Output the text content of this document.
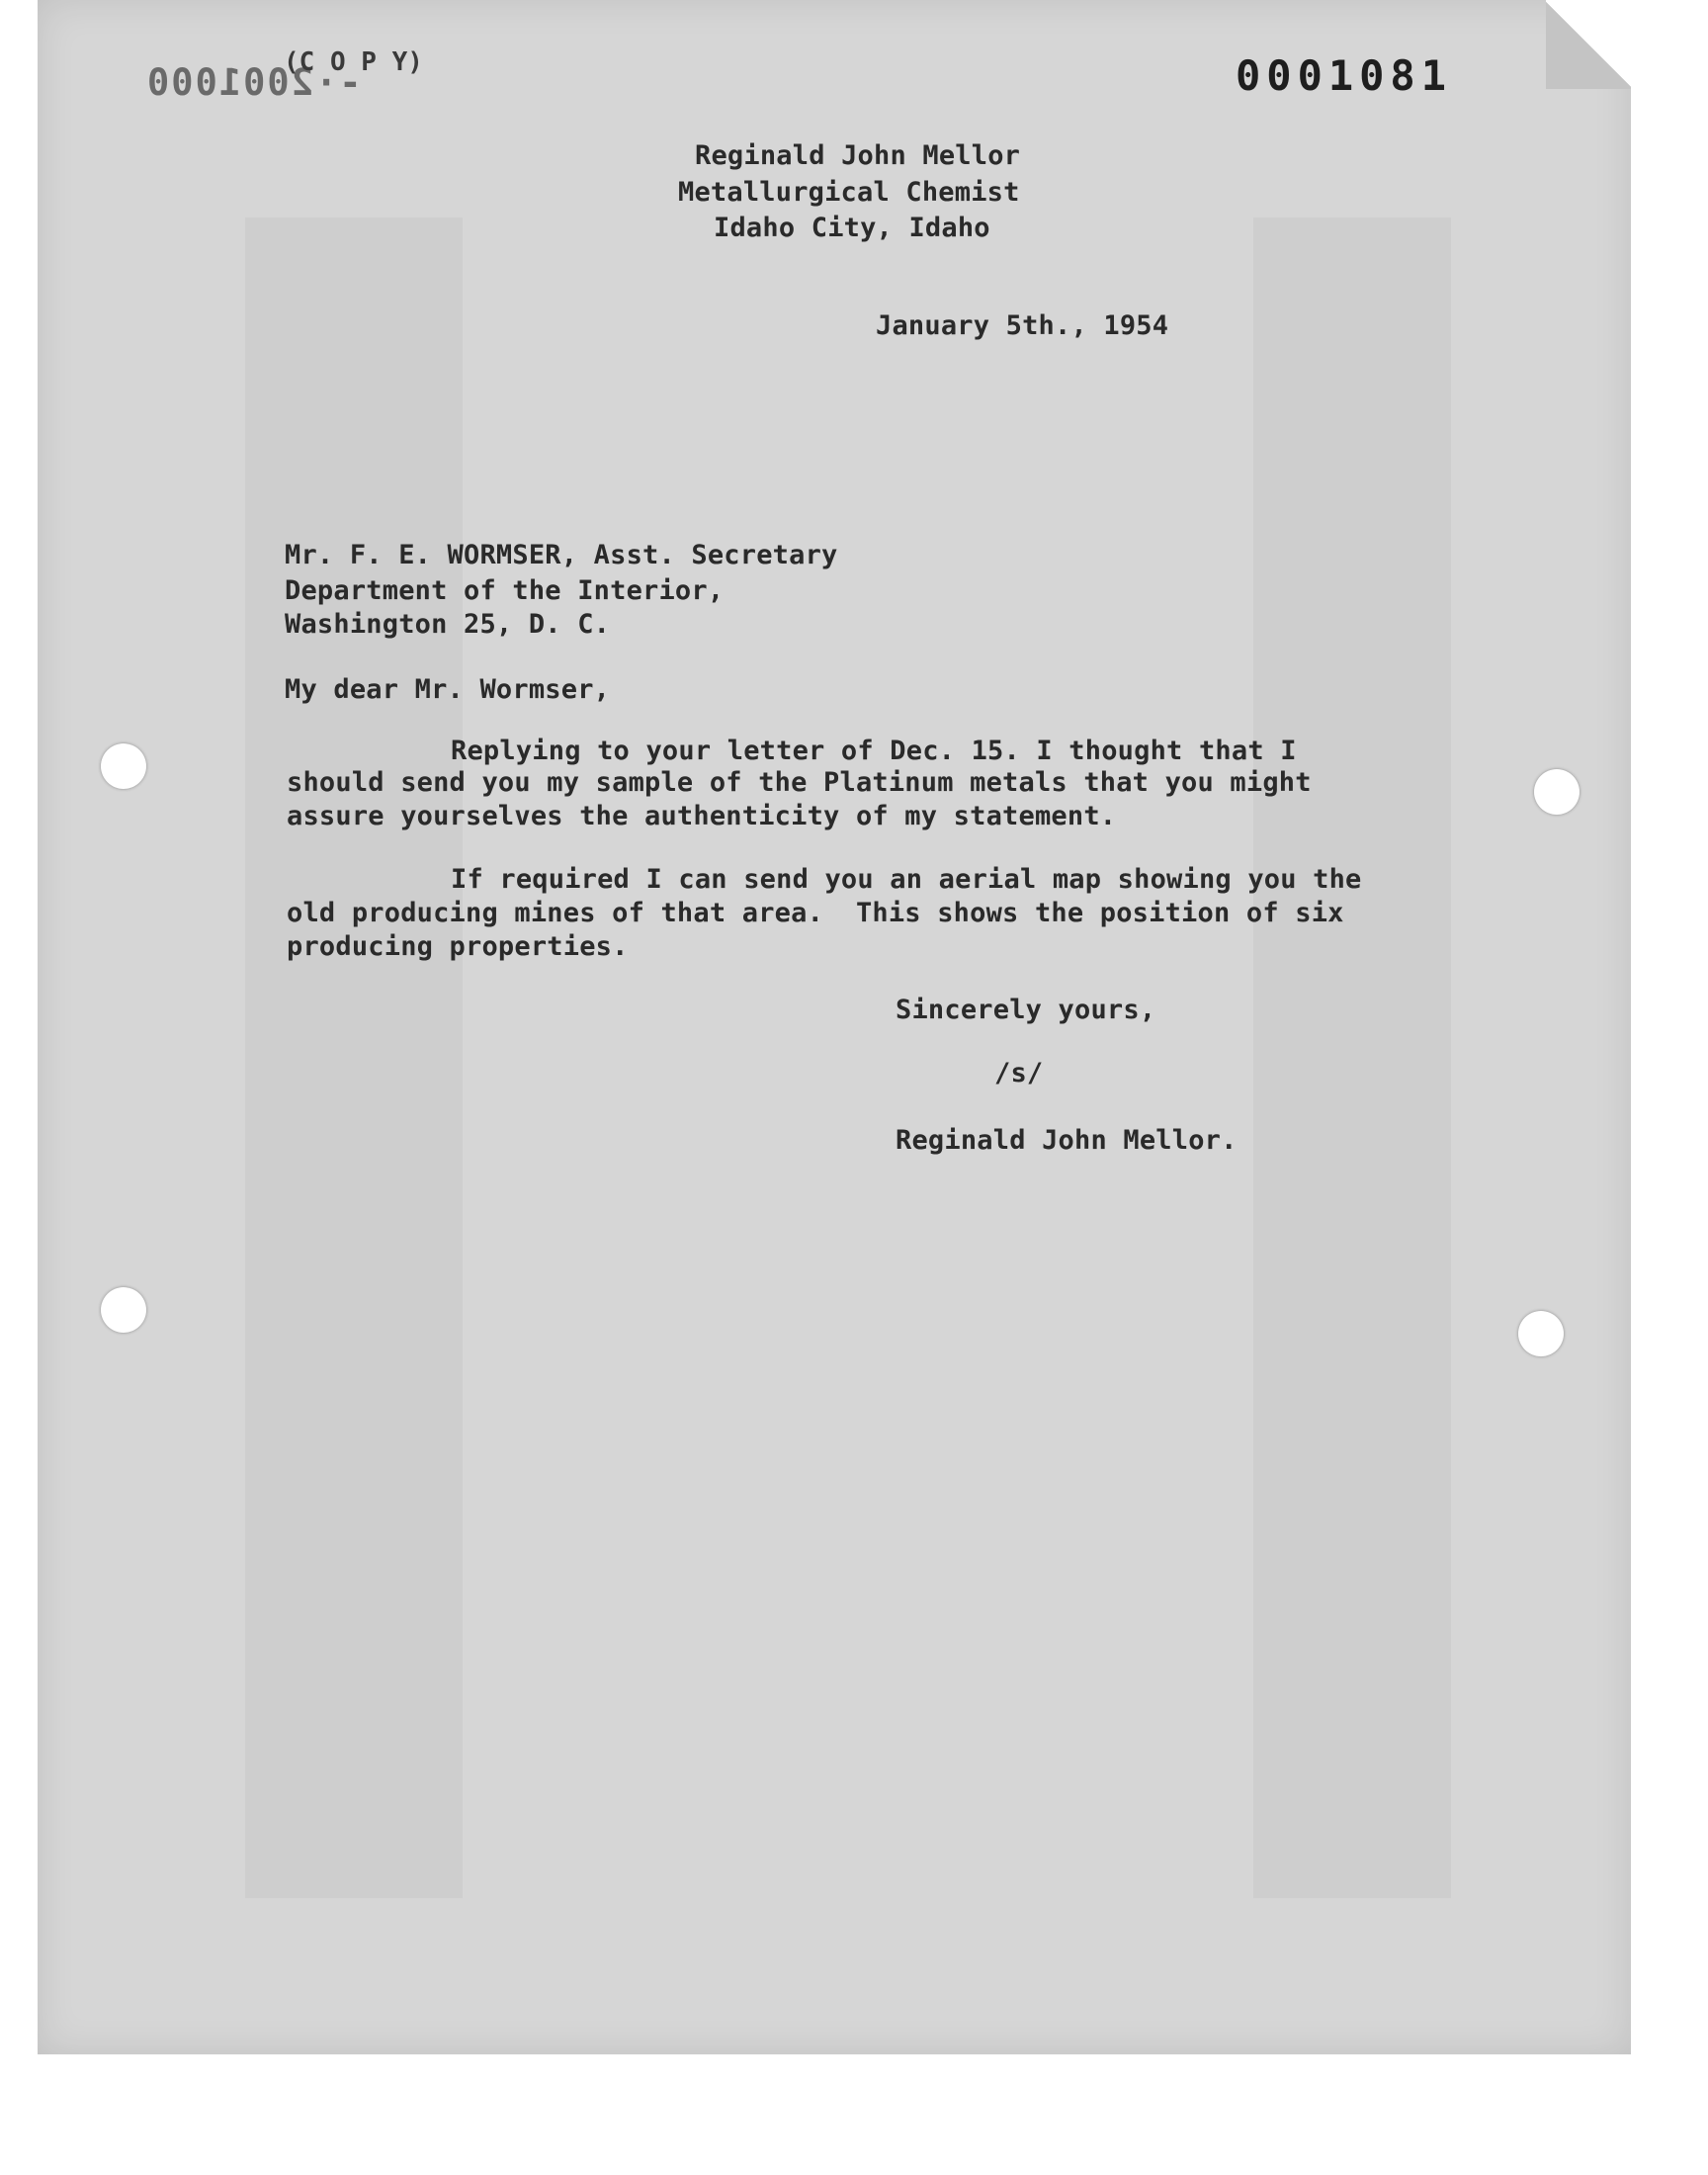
-·2001000
(C O P Y)	0001081
Reginald John Mellor
Metallurgical Chemist
Idaho City, Idaho
January 5th., 1954
Mr. F. E. WORMSER, Asst. Secretary
Department of the Interior,
Washington 25, D. C.
My dear Mr. Wormser,
Replying to your letter of Dec. 15. I thought that I
should send you my sample of the Platinum metals that you might
assure yourselves the authenticity of my statement.
If required I can send you an aerial map showing you the
old producing mines of that area.  This shows the position of six
producing properties.
Sincerely yours,
/s/
Reginald John Mellor.
